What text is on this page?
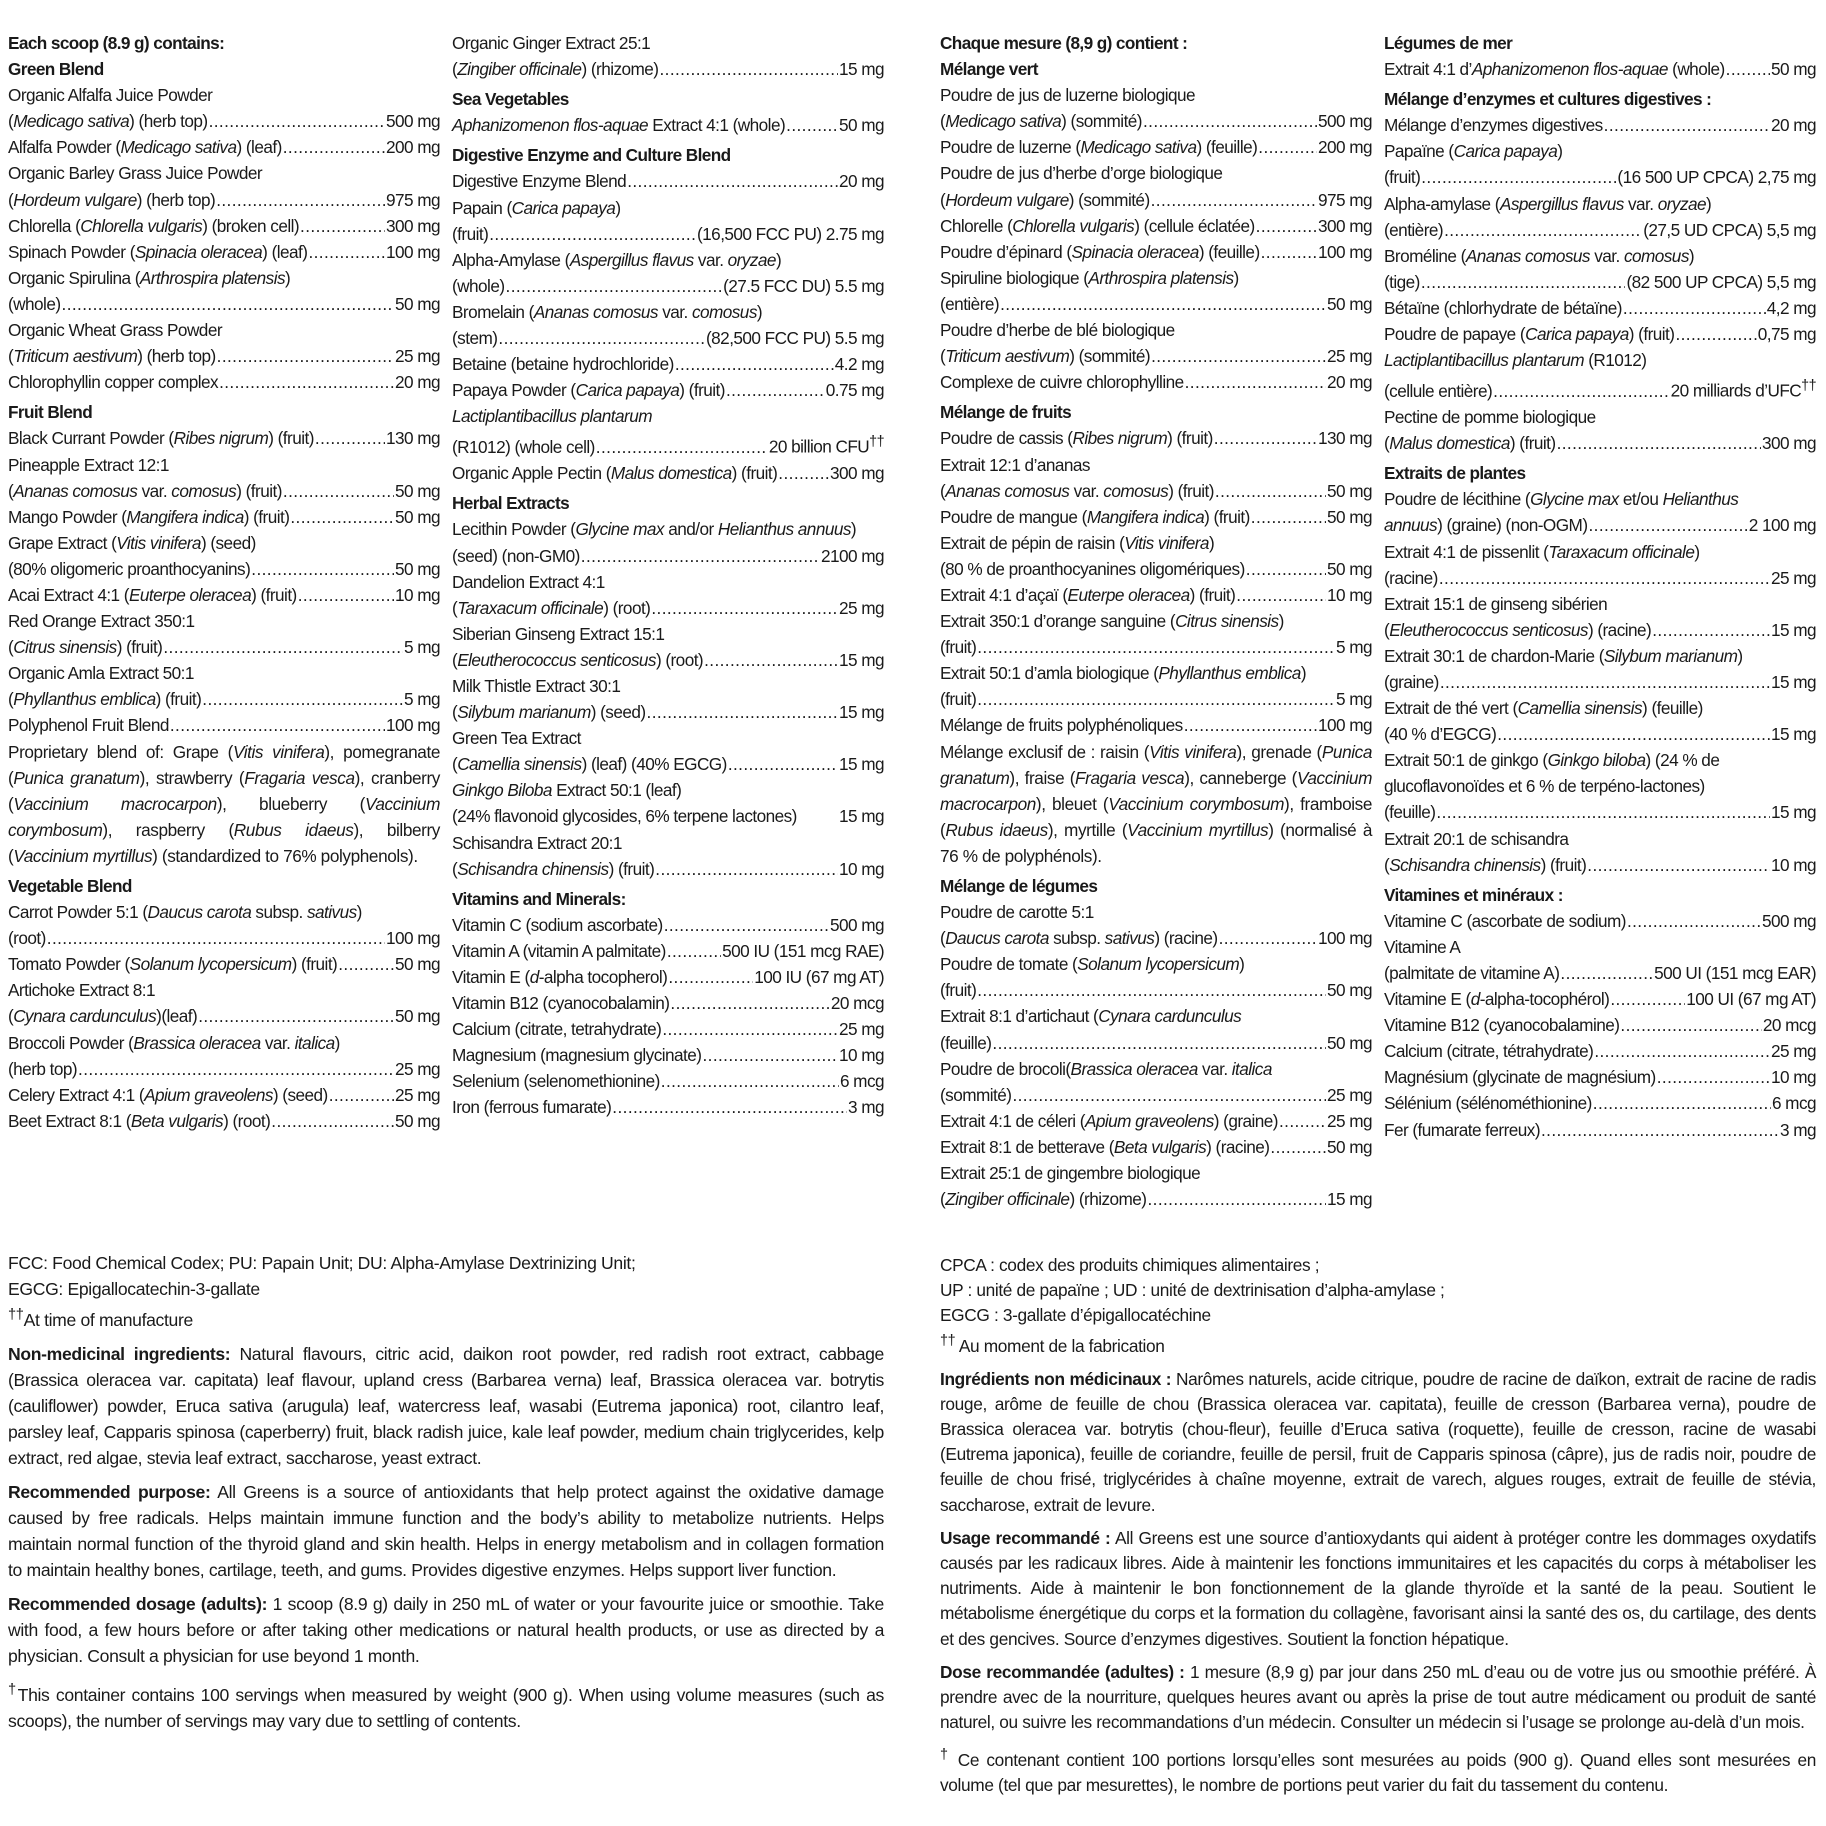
Each scoop (8.9 g) contains:
Green Blend
Organic Alfalfa Juice Powder
(Medicago sativa) (herb top) .....	500 mg
Alfalfa Powder (Medicago sativa) (leaf) .....	200 mg
Organic Barley Grass Juice Powder
(Hordeum vulgare) (herb top) .....	975 mg
Chlorella (Chlorella vulgaris) (broken cell) .....	300 mg
Spinach Powder (Spinacia oleracea) (leaf) .....	100 mg
Organic Spirulina (Arthrospira platensis)
(whole) .....	50 mg
Organic Wheat Grass Powder
(Triticum aestivum) (herb top) .....	25 mg
Chlorophyllin copper complex .....	20 mg
Fruit Blend
Black Currant Powder (Ribes nigrum) (fruit) .....	130 mg
Pineapple Extract 12:1
(Ananas comosus var. comosus) (fruit) .....	50 mg
Mango Powder (Mangifera indica) (fruit) .....	50 mg
Grape Extract (Vitis vinifera) (seed)
(80% oligomeric proanthocyanins) .....	50 mg
Acai Extract 4:1 (Euterpe oleracea) (fruit) .....	10 mg
Red Orange Extract 350:1
(Citrus sinensis) (fruit) .....	5 mg
Organic Amla Extract 50:1
(Phyllanthus emblica) (fruit) .....	5 mg
Polyphenol Fruit Blend .....	100 mg
Proprietary blend of: Grape (Vitis vinifera), pomegranate (Punica granatum), strawberry (Fragaria vesca), cranberry (Vaccinium macrocarpon), blueberry (Vaccinium corymbosum), raspberry (Rubus idaeus), bilberry (Vaccinium myrtillus) (standardized to 76% polyphenols).
Vegetable Blend
Carrot Powder 5:1 (Daucus carota subsp. sativus)
(root) .....	100 mg
Tomato Powder (Solanum lycopersicum) (fruit) .....	50 mg
Artichoke Extract 8:1
(Cynara cardunculus)(leaf) .....	50 mg
Broccoli Powder (Brassica oleracea var. italica)
(herb top) .....	25 mg
Celery Extract 4:1 (Apium graveolens) (seed) .....	25 mg
Beet Extract 8:1 (Beta vulgaris) (root) .....	50 mg
Organic Ginger Extract 25:1
(Zingiber officinale) (rhizome) .....	15 mg
Sea Vegetables
Aphanizomenon flos-aquae Extract 4:1 (whole) .....	50 mg
Digestive Enzyme and Culture Blend
Digestive Enzyme Blend .....	20 mg
Papain (Carica papaya)
(fruit) .....	(16,500 FCC PU) 2.75 mg
Alpha-Amylase (Aspergillus flavus var. oryzae)
(whole) .....	(27.5 FCC DU) 5.5 mg
Bromelain (Ananas comosus var. comosus)
(stem) .....	(82,500 FCC PU) 5.5 mg
Betaine (betaine hydrochloride) .....	4.2 mg
Papaya Powder (Carica papaya) (fruit) .....	0.75 mg
Lactiplantibacillus plantarum
(R1012) (whole cell) .....	20 billion CFU††
Organic Apple Pectin (Malus domestica) (fruit) .....	300 mg
Herbal Extracts
Lecithin Powder (Glycine max and/or Helianthus annuus)
(seed) (non-GM0) .....	2100 mg
Dandelion Extract 4:1
(Taraxacum officinale) (root) .....	25 mg
Siberian Ginseng Extract 15:1
(Eleutherococcus senticosus) (root) .....	15 mg
Milk Thistle Extract 30:1
(Silybum marianum) (seed) .....	15 mg
Green Tea Extract
(Camellia sinensis) (leaf) (40% EGCG) .....	15 mg
Ginkgo Biloba Extract 50:1 (leaf)
(24% flavonoid glycosides, 6% terpene lactones) 15 mg
Schisandra Extract 20:1
(Schisandra chinensis) (fruit) .....	10 mg
Vitamins and Minerals:
Vitamin C (sodium ascorbate) .....	500 mg
Vitamin A (vitamin A palmitate) .....	500 IU (151 mcg RAE)
Vitamin E (d-alpha tocopherol) .....	100 IU (67 mg AT)
Vitamin B12 (cyanocobalamin) .....	20 mcg
Calcium (citrate, tetrahydrate) .....	25 mg
Magnesium (magnesium glycinate) .....	10 mg
Selenium (selenomethionine) .....	6 mcg
Iron (ferrous fumarate) .....	3 mg
Chaque mesure (8,9 g) contient :
Mélange vert
Poudre de jus de luzerne biologique
(Medicago sativa) (sommité) .....	500 mg
Poudre de luzerne (Medicago sativa) (feuille) .....	200 mg
Poudre de jus d’herbe d’orge biologique
(Hordeum vulgare) (sommité) .....	975 mg
Chlorelle (Chlorella vulgaris) (cellule éclatée) .....	300 mg
Poudre d’épinard (Spinacia oleracea) (feuille) .....	100 mg
Spiruline biologique (Arthrospira platensis)
(entière) .....	50 mg
Poudre d’herbe de blé biologique
(Triticum aestivum) (sommité) .....	25 mg
Complexe de cuivre chlorophylline .....	20 mg
Mélange de fruits
Poudre de cassis (Ribes nigrum) (fruit) .....	130 mg
Extrait 12:1 d’ananas
(Ananas comosus var. comosus) (fruit) .....	50 mg
Poudre de mangue (Mangifera indica) (fruit) .....	50 mg
Extrait de pépin de raisin (Vitis vinifera)
(80 % de proanthocyanines oligomériques) .....	50 mg
Extrait 4:1 d’açaï (Euterpe oleracea) (fruit) .....	10 mg
Extrait 350:1 d’orange sanguine (Citrus sinensis)
(fruit) .....	5 mg
Extrait 50:1 d’amla biologique (Phyllanthus emblica)
(fruit) .....	5 mg
Mélange de fruits polyphénoliques .....	100 mg
Mélange exclusif de : raisin (Vitis vinifera), grenade (Punica granatum), fraise (Fragaria vesca), canneberge (Vaccinium macrocarpon), bleuet (Vaccinium corymbosum), framboise (Rubus idaeus), myrtille (Vaccinium myrtillus) (normalisé à 76 % de polyphénols).
Mélange de légumes
Poudre de carotte 5:1
(Daucus carota subsp. sativus) (racine) .....	100 mg
Poudre de tomate (Solanum lycopersicum)
(fruit) .....	50 mg
Extrait 8:1 d’artichaut (Cynara cardunculus
(feuille) .....	50 mg
Poudre de brocoli(Brassica oleracea var. italica
(sommité) .....	25 mg
Extrait 4:1 de céleri (Apium graveolens) (graine) .....	25 mg
Extrait 8:1 de betterave (Beta vulgaris) (racine) .....	50 mg
Extrait 25:1 de gingembre biologique
(Zingiber officinale) (rhizome) .....	15 mg
Légumes de mer
Extrait 4:1 d’Aphanizomenon flos-aquae (whole) .....	50 mg
Mélange d’enzymes et cultures digestives :
Mélange d’enzymes digestives .....	20 mg
Papaïne (Carica papaya)
(fruit) .....	(16 500 UP CPCA) 2,75 mg
Alpha-amylase (Aspergillus flavus var. oryzae)
(entière) .....	(27,5 UD CPCA) 5,5 mg
Broméline (Ananas comosus var. comosus)
(tige) .....	(82 500 UP CPCA) 5,5 mg
Bétaïne (chlorhydrate de bétaïne) .....	4,2 mg
Poudre de papaye (Carica papaya) (fruit) .....	0,75 mg
Lactiplantibacillus plantarum (R1012)
(cellule entière) .....	20 milliards d’UFC††
Pectine de pomme biologique
(Malus domestica) (fruit) .....	300 mg
Extraits de plantes
Poudre de lécithine (Glycine max et/ou Helianthus
annuus) (graine) (non-OGM) .....	2 100 mg
Extrait 4:1 de pissenlit (Taraxacum officinale)
(racine) .....	25 mg
Extrait 15:1 de ginseng sibérien
(Eleutherococcus senticosus) (racine) .....	15 mg
Extrait 30:1 de chardon-Marie (Silybum marianum)
(graine) .....	15 mg
Extrait de thé vert (Camellia sinensis) (feuille)
(40 % d’EGCG) .....	15 mg
Extrait 50:1 de ginkgo (Ginkgo biloba) (24 % de
glucoflavonoïdes et 6 % de terpéno-lactones)
(feuille) .....	15 mg
Extrait 20:1 de schisandra
(Schisandra chinensis) (fruit) .....	10 mg
Vitamines et minéraux :
Vitamine C (ascorbate de sodium) .....	500 mg
Vitamine A
(palmitate de vitamine A) .....	500 UI (151 mcg EAR)
Vitamine E (d-alpha-tocophérol) .....	100 UI (67 mg AT)
Vitamine B12 (cyanocobalamine) .....	20 mcg
Calcium (citrate, tétrahydrate) .....	25 mg
Magnésium (glycinate de magnésium) .....	10 mg
Sélénium (sélénométhionine) .....	6 mcg
Fer (fumarate ferreux) .....	3 mg
FCC: Food Chemical Codex; PU: Papain Unit; DU: Alpha-Amylase Dextrinizing Unit;
EGCG: Epigallocatechin-3-gallate

††At time of manufacture

Non-medicinal ingredients: Natural flavours, citric acid, daikon root powder, red radish root extract, cabbage (Brassica oleracea var. capitata) leaf flavour, upland cress (Barbarea verna) leaf, Brassica oleracea var. botrytis (cauliflower) powder, Eruca sativa (arugula) leaf, watercress leaf, wasabi (Eutrema japonica) root, cilantro leaf, parsley leaf, Capparis spinosa (caperberry) fruit, black radish juice, kale leaf powder, medium chain triglycerides, kelp extract, red algae, stevia leaf extract, saccharose, yeast extract.

Recommended purpose: All Greens is a source of antioxidants that help protect against the oxidative damage caused by free radicals. Helps maintain immune function and the body’s ability to metabolize nutrients. Helps maintain normal function of the thyroid gland and skin health. Helps in energy metabolism and in collagen formation to maintain healthy bones, cartilage, teeth, and gums. Provides digestive enzymes. Helps support liver function.

Recommended dosage (adults): 1 scoop (8.9 g) daily in 250 mL of water or your favourite juice or smoothie. Take with food, a few hours before or after taking other medications or natural health products, or use as directed by a physician. Consult a physician for use beyond 1 month.

†This container contains 100 servings when measured by weight (900 g). When using volume measures (such as scoops), the number of servings may vary due to settling of contents.

CPCA : codex des produits chimiques alimentaires ;
UP : unité de papaïne ; UD : unité de dextrinisation d’alpha-amylase ;
EGCG : 3-gallate d’épigallocatéchine

†† Au moment de la fabrication

Ingrédients non médicinaux : Narômes naturels, acide citrique, poudre de racine de daïkon, extrait de racine de radis rouge, arôme de feuille de chou (Brassica oleracea var. capitata), feuille de cresson (Barbarea verna), poudre de Brassica oleracea var. botrytis (chou-fleur), feuille d’Eruca sativa (roquette), feuille de cresson, racine de wasabi (Eutrema japonica), feuille de coriandre, feuille de persil, fruit de Capparis spinosa (câpre), jus de radis noir, poudre de feuille de chou frisé, triglycérides à chaîne moyenne, extrait de varech, algues rouges, extrait de feuille de stévia, saccharose, extrait de levure.

Usage recommandé : All Greens est une source d’antioxydants qui aident à protéger contre les dommages oxydatifs causés par les radicaux libres. Aide à maintenir les fonctions immunitaires et les capacités du corps à métaboliser les nutriments. Aide à maintenir le bon fonctionnement de la glande thyroïde et la santé de la peau. Soutient le métabolisme énergétique du corps et la formation du collagène, favorisant ainsi la santé des os, du cartilage, des dents et des gencives. Source d’enzymes digestives. Soutient la fonction hépatique.

Dose recommandée (adultes) : 1 mesure (8,9 g) par jour dans 250 mL d’eau ou de votre jus ou smoothie préféré. À prendre avec de la nourriture, quelques heures avant ou après la prise de tout autre médicament ou produit de santé naturel, ou suivre les recommandations d’un médecin. Consulter un médecin si l’usage se prolonge au-delà d’un mois.

† Ce contenant contient 100 portions lorsqu’elles sont mesurées au poids (900 g). Quand elles sont mesurées en volume (tel que par mesurettes), le nombre de portions peut varier du fait du tassement du contenu.
